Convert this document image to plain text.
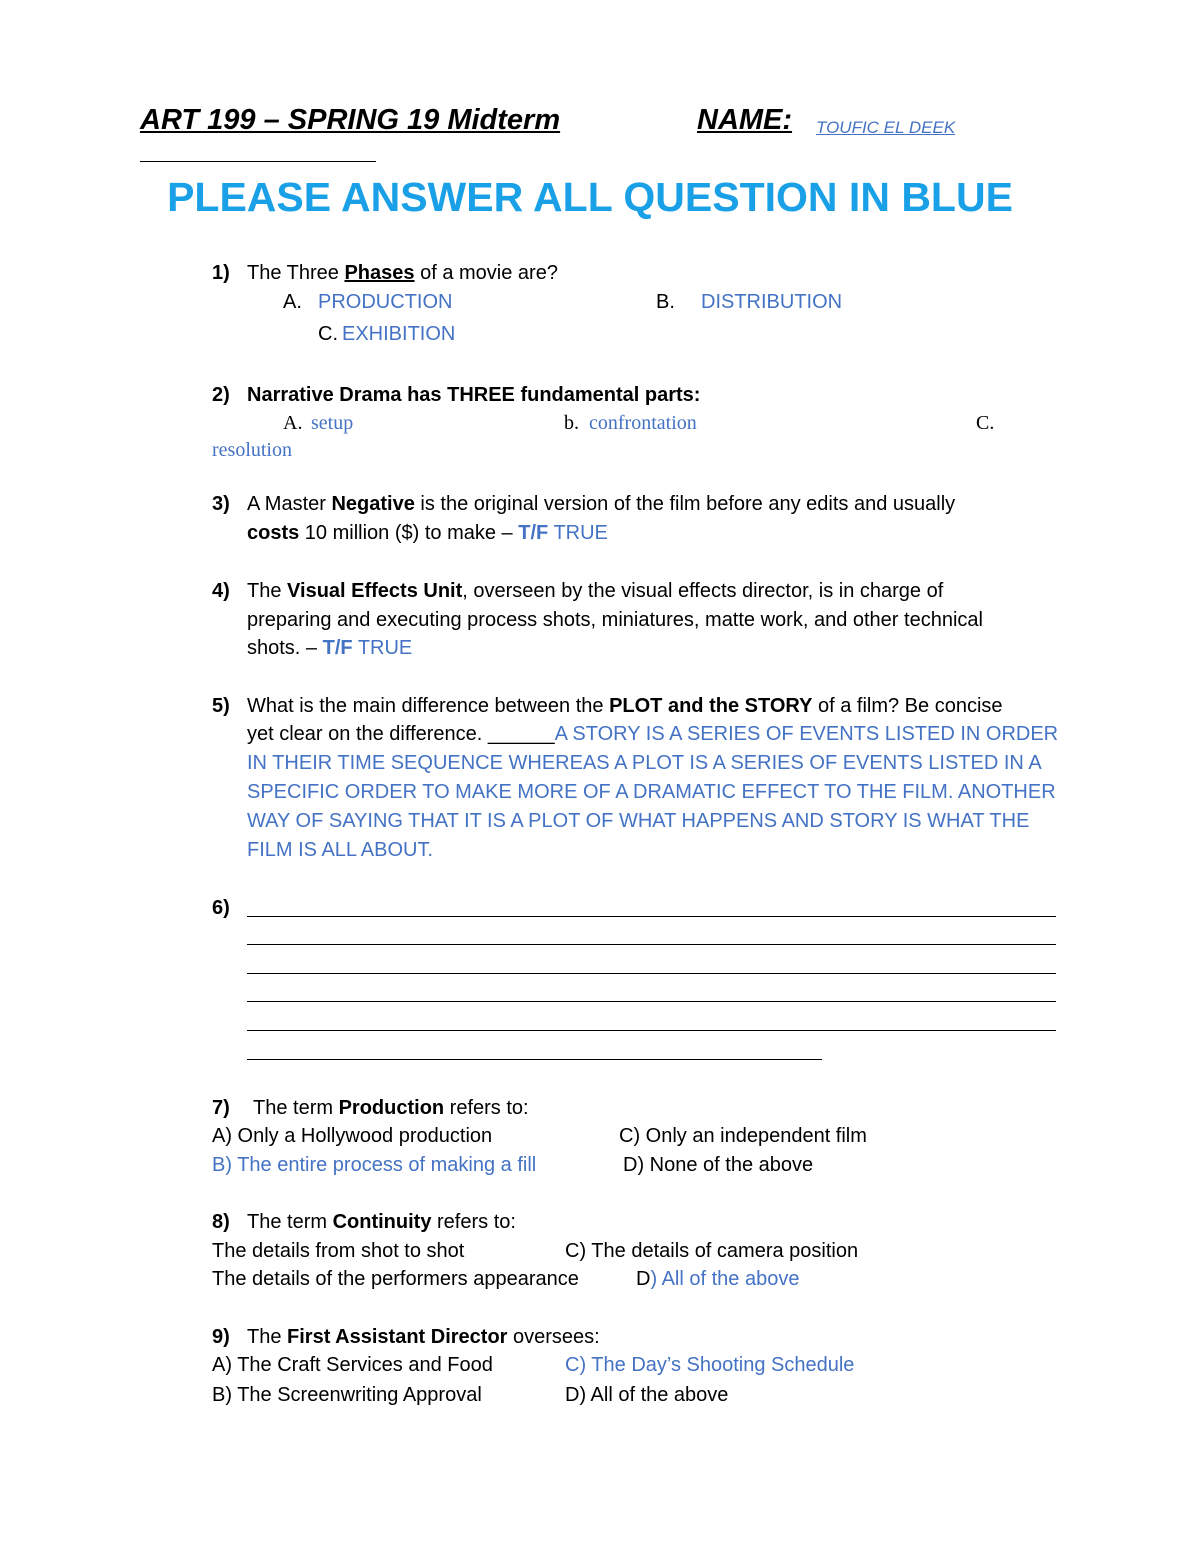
ART 199 – SPRING 19 Midterm	NAME: TOUFIC EL DEEK
PLEASE ANSWER ALL QUESTION IN BLUE
1) The Three Phases of a movie are?
A. PRODUCTION	B. DISTRIBUTION
C. EXHIBITION
2) Narrative Drama has THREE fundamental parts:
A. setup	b. confrontation	C.
resolution
3) A Master Negative is the original version of the film before any edits and usually
costs 10 million ($) to make – T/F TRUE
4) The Visual Effects Unit, overseen by the visual effects director, is in charge of
preparing and executing process shots, miniatures, matte work, and other technical
shots. – T/F TRUE
5) What is the main difference between the PLOT and the STORY of a film? Be concise
yet clear on the difference. ______A STORY IS A SERIES OF EVENTS LISTED IN ORDER IN THEIR TIME SEQUENCE WHEREAS A PLOT IS A SERIES OF EVENTS LISTED IN A SPECIFIC ORDER TO MAKE MORE OF A DRAMATIC EFFECT TO THE FILM. ANOTHER WAY OF SAYING THAT IT IS A PLOT OF WHAT HAPPENS AND STORY IS WHAT THE FILM IS ALL ABOUT.
6)
7) The term Production refers to:
A) Only a Hollywood production	C) Only an independent film
B) The entire process of making a fill	D) None of the above
8) The term Continuity refers to:
The details from shot to shot	C) The details of camera position
The details of the performers appearance	D) All of the above
9) The First Assistant Director oversees:
A) The Craft Services and Food	C) The Day’s Shooting Schedule
B) The Screenwriting Approval	D) All of the above
